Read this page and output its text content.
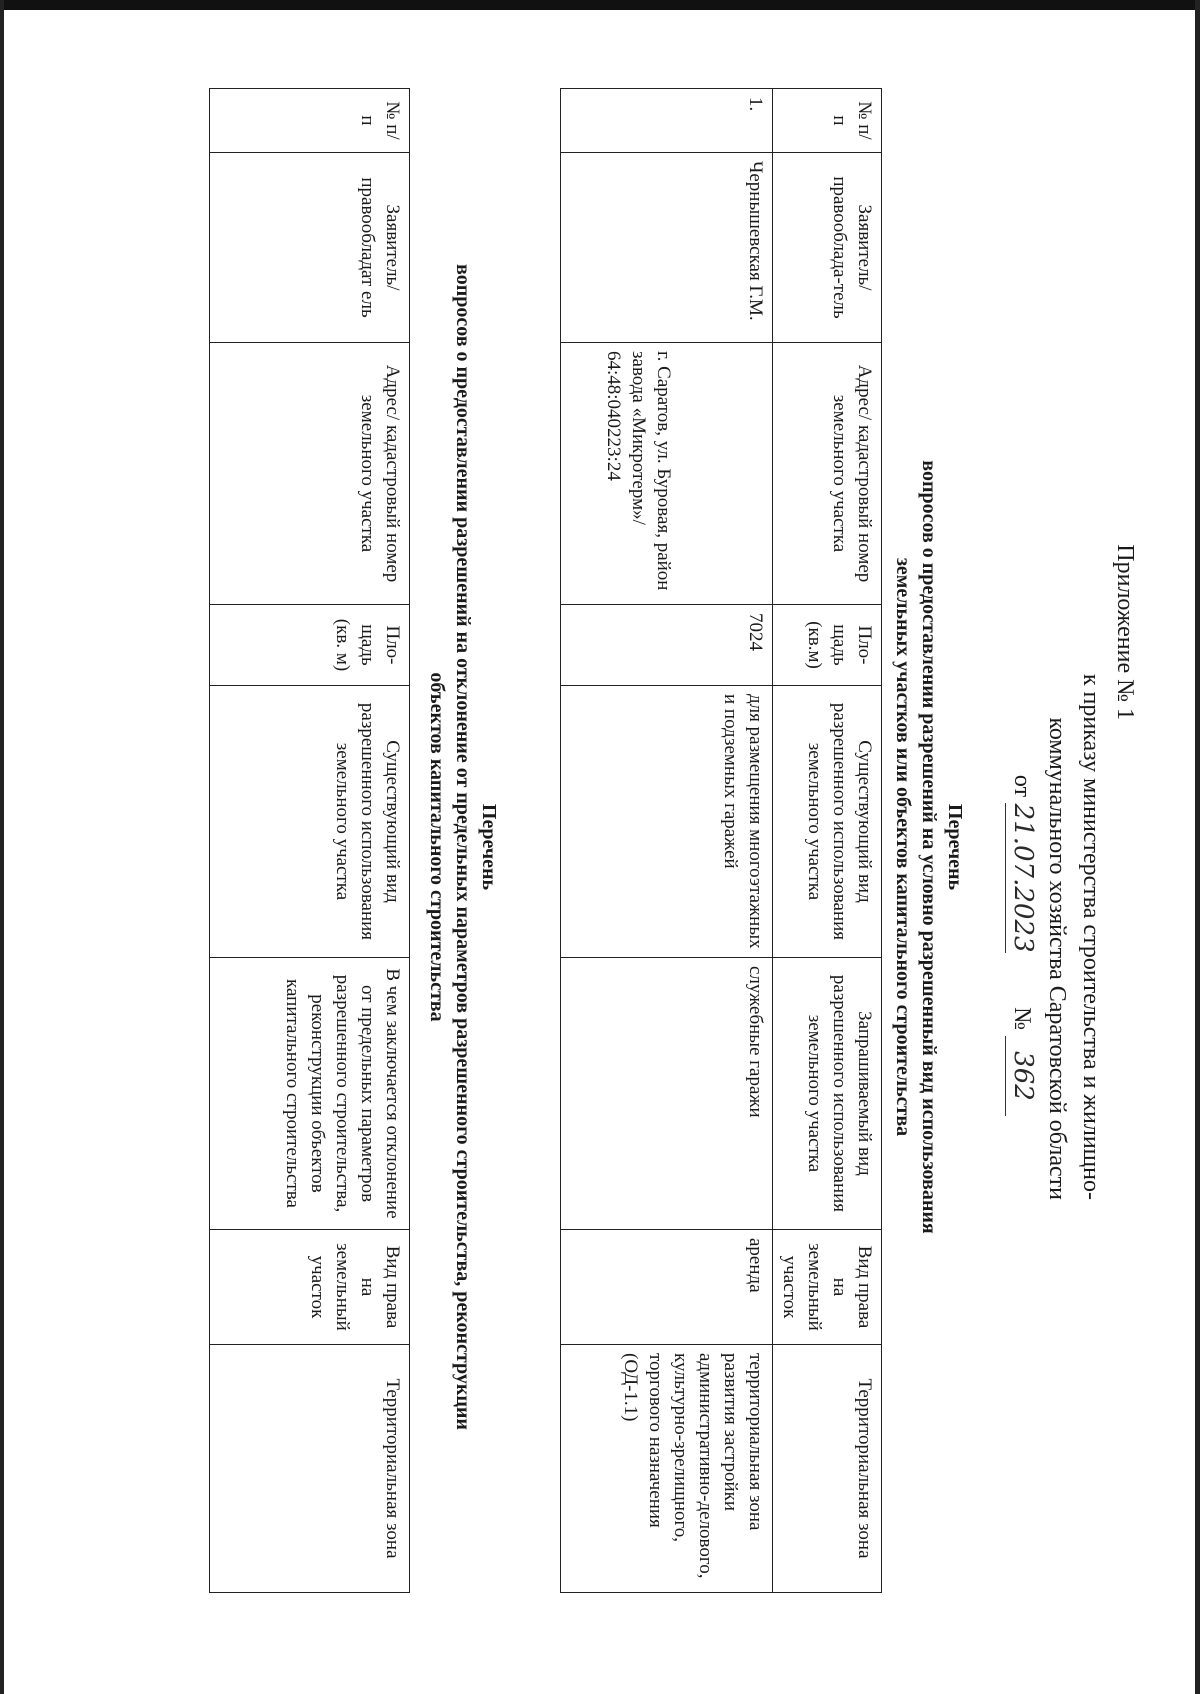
Приложение № 1
к приказу министерства строительства и жилищно-
коммунального хозяйства Саратовской области
от 21.07.2023         № 362
Перечень
вопросов о предоставлении разрешений на условно разрешенный вид использования
земельных участков или объектов капитального строительства
№ п/п	Заявитель/ правооблада-тель	Адрес/ кадастровый номер земельного участка	Пло-щадь (кв.м)	Существующий вид разрешенного использования земельного участка	Запрашиваемый вид разрешенного использования земельного участка	Вид права на земельный участок	Территориальная зона
1.	Чернышевская Г.М.	г. Саратов, ул. Буровая, район завода «Микротерм»/ 64:48:040223:24	7024	для размещения многоэтажных и подземных гаражей	служебные гаражи	аренда	территориальная зона развития застройки административно-делового, культурно-зрелищного, торгового назначения (ОД-1.1)
Перечень
вопросов о предоставлении разрешений на отклонение от предельных параметров разрешенного строительства, реконструкции
объектов капитального строительства
№ п/п	Заявитель/ правообладат ель	Адрес/ кадастровый номер земельного участка	Пло-щадь (кв. м)	Существующий вид разрешенного использования земельного участка	В чем заключается отклонение от предельных параметров разрешенного строительства, реконструкции объектов капитального строительства	Вид права на земельный участок	Территориальная зона
